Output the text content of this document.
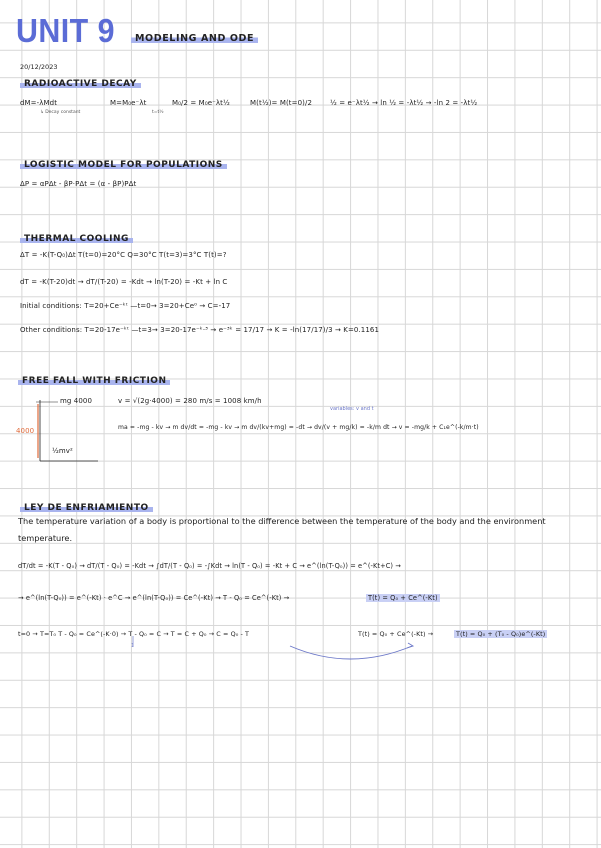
UNIT 9	MODELING AND ODE
20/12/2023
RADIOACTIVE DECAY
dM=-λMdt
↳ Decay constant
M=M₀e⁻λt
t=t½
M₀/2 = M₀e⁻λt½	M(t½)= M(t=0)/2	½ = e⁻λt½ → ln ½ = -λt½ → -ln 2 = -λt½
LOGISTIC MODEL FOR POPULATIONS
ΔP = αPΔt - βP·PΔt = (α - βP)PΔt
THERMAL COOLING
ΔT = -K(T-Q₀)Δt T(t=0)=20°C Q=30°C T(t=3)=3°C T(t)=?
dT = -K(T-20)dt → dT/(T-20) = -Kdt → ln(T-20) = -Kt + ln C
Initial conditions: T=20+Ce⁻ᵏᵗ —t=0→ 3=20+Ce⁰ → C=-17
Other conditions: T=20-17e⁻ᵏᵗ —t=3→ 3=20-17e⁻ᵏ·³ → e⁻³ᵏ = 17/17 → K = -ln(17/17)/3 → K=0.1161
FREE FALL WITH FRICTION
mg 4000
4000
½mv²
v = √(2g·4000) = 280 m/s = 1008 km/h
variables: v and t
ma = -mg - kv → m dv/dt = -mg - kv → m dv/(kv+mg) = -dt → dv/(v + mg/k) = -k/m dt → v = -mg/k + C₁e^(-k/m·t)
LEY DE ENFRIAMIENTO
The temperature variation of a body is proportional to the difference between the temperature of the body and the environment temperature.
dT/dt = -K(T - Q₀) → dT/(T - Q₀) = -Kdt → ∫dT/(T - Q₀) = -∫Kdt → ln(T - Q₀) = -Kt + C → e^(ln(T-Q₀)) = e^(-Kt+C) →
→ e^(ln(T-Q₀)) = e^(-Kt) · e^C → e^(ln(T-Q₀)) = Ce^(-Kt) → T - Q₀ = Ce^(-Kt) →	T(t) = Q₀ + Ce^(-Kt)
t=0 → T=T₀ T - Q₀ = Ce^(-K·0) → T - Q₀ = C → T = C + Q₀ → C = Q₀ - T
1
T(t) = Q₀ + Ce^(-Kt) →	T(t) = Q₀ + (T₀ - Q₀)e^(-Kt)
